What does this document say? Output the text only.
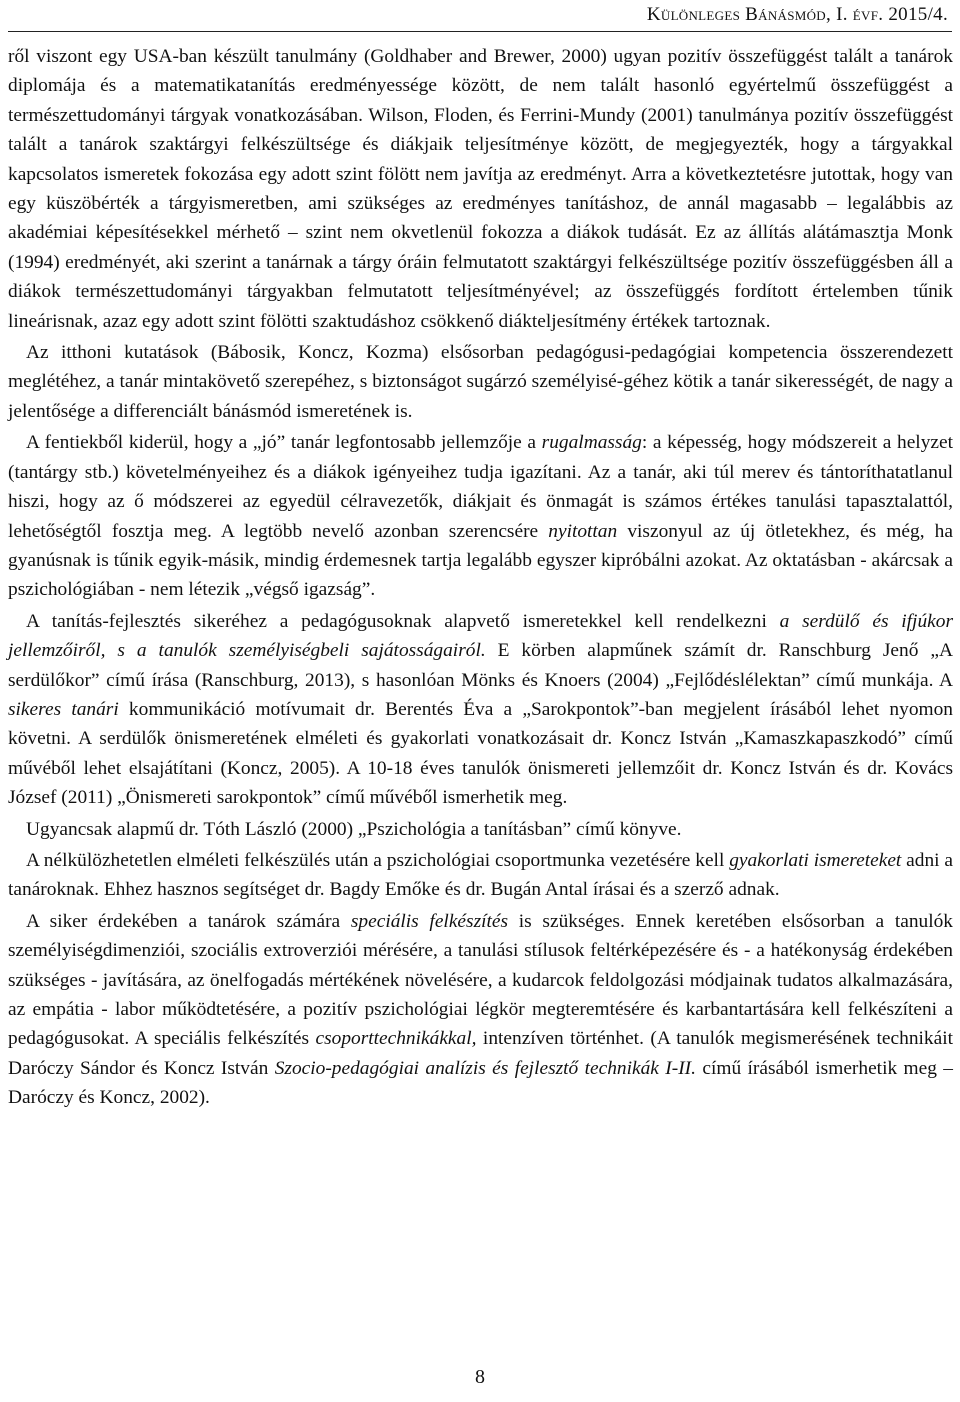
Különleges Bánásmód, I. évf. 2015/4.

ről viszont egy USA-ban készült tanulmány (Goldhaber and Brewer, 2000) ugyan pozitív összefüggést talált a tanárok diplomája és a matematikatanítás eredményessége között, de nem talált hasonló egyértelmű összefüggést a természettudományi tárgyak vonatkozásában. Wilson, Floden, és Ferrini-Mundy (2001) tanulmánya pozitív összefüggést talált a tanárok szaktárgyi felkészültsége és diákjaik teljesítménye között, de megjegyezték, hogy a tárgyakkal kapcsolatos ismeretek fokozása egy adott szint fölött nem javítja az eredményt. Arra a következtetésre jutottak, hogy van egy küszöbérték a tárgyismeretben, ami szükséges az eredményes tanításhoz, de annál magasabb – legalábbis az akadémiai képesítésekkel mérhető – szint nem okvetlenül fokozza a diákok tudását. Ez az állítás alátámasztja Monk (1994) eredményét, aki szerint a tanárnak a tárgy óráin felmutatott szaktárgyi felkészültsége pozitív összefüggésben áll a diákok természettudományi tárgyakban felmutatott teljesítményével; az összefüggés fordított értelemben tűnik lineárisnak, azaz egy adott szint fölötti szaktudáshoz csökkenő diákteljesítmény értékek tartoznak.

Az itthoni kutatások (Bábosik, Koncz, Kozma) elsősorban pedagógusi-pedagógiai kompetencia összerendezett meglétéhez, a tanár mintakövető szerepéhez, s biztonságot sugárzó személyisé-géhez kötik a tanár sikerességét, de nagy a jelentősége a differenciált bánásmód ismeretének is.

A fentiekből kiderül, hogy a „jó” tanár legfontosabb jellemzője a rugalmasság: a képesség, hogy módszereit a helyzet (tantárgy stb.) követelményeihez és a diákok igényeihez tudja igazítani. Az a tanár, aki túl merev és tántoríthatatlanul hiszi, hogy az ő módszerei az egyedül célravezetők, diákjait és önmagát is számos értékes tanulási tapasztalattól, lehetőségtől fosztja meg. A legtöbb nevelő azonban szerencsére nyitottan viszonyul az új ötletekhez, és még, ha gyanúsnak is tűnik egyik-másik, mindig érdemesnek tartja legalább egyszer kipróbálni azokat. Az oktatásban - akárcsak a pszichológiában - nem létezik „végső igazság”.

A tanítás-fejlesztés sikeréhez a pedagógusoknak alapvető ismeretekkel kell rendelkezni a serdülő és ifjúkor jellemzőiről, s a tanulók személyiségbeli sajátosságairól. E körben alapműnek számít dr. Ranschburg Jenő „A serdülőkor” című írása (Ranschburg, 2013), s hasonlóan Mönks és Knoers (2004) „Fejlődéslélektan” című munkája. A sikeres tanári kommunikáció motívumait dr. Berentés Éva a „Sarokpontok”-ban megjelent írásából lehet nyomon követni. A serdülők önismeretének elméleti és gyakorlati vonatkozásait dr. Koncz István „Kamaszkapaszkodó” című művéből lehet elsajátítani (Koncz, 2005). A 10-18 éves tanulók önismereti jellemzőit dr. Koncz István és dr. Kovács József (2011) „Önismereti sarokpontok” című művéből ismerhetik meg.

Ugyancsak alapmű dr. Tóth László (2000) „Pszichológia a tanításban” című könyve.

A nélkülözhetetlen elméleti felkészülés után a pszichológiai csoportmunka vezetésére kell gyakorlati ismereteket adni a tanároknak. Ehhez hasznos segítséget dr. Bagdy Emőke és dr. Bugán Antal írásai és a szerző adnak.

A siker érdekében a tanárok számára speciális felkészítés is szükséges. Ennek keretében elsősorban a tanulók személyiségdimenziói, szociális extroverziói mérésére, a tanulási stílusok feltérképezésére és - a hatékonyság érdekében szükséges - javítására, az önelfogadás mértékének növelésére, a kudarcok feldolgozási módjainak tudatos alkalmazására, az empátia - labor működtetésére, a pozitív pszichológiai légkör megteremtésére és karbantartására kell felkészíteni a pedagógusokat. A speciális felkészítés csoporttechnikákkal, intenzíven történhet. (A tanulók megismerésének technikáit Daróczy Sándor és Koncz István Szocio-pedagógiai analízis és fejlesztő technikák I-II. című írásából ismerhetik meg – Daróczy és Koncz, 2002).

8
